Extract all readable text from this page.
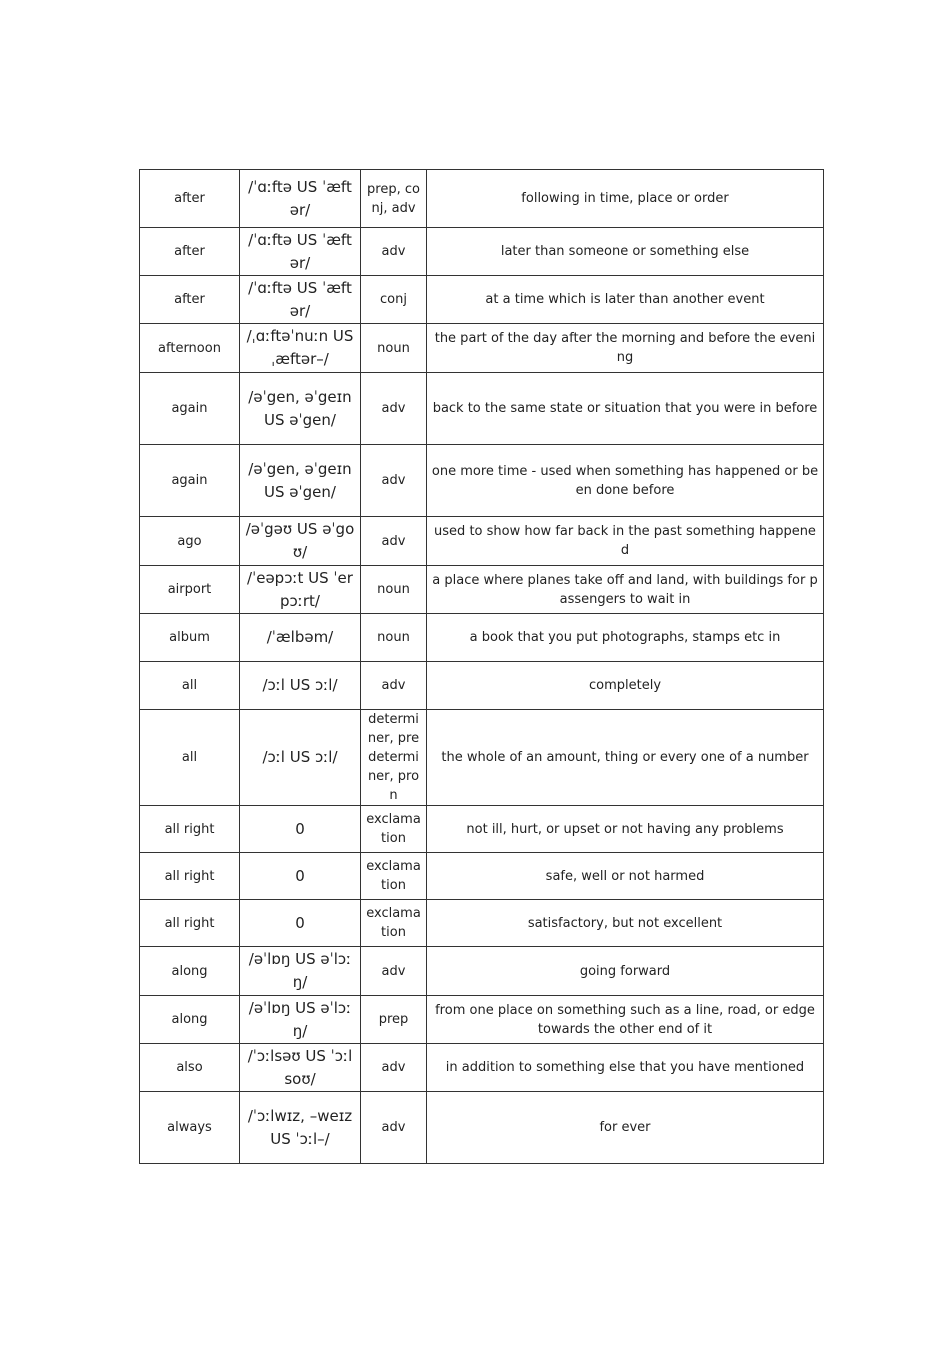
after	/ˈɑːftə US ˈæftər/	prep, conj, adv	following in time, place or order
after	/ˈɑːftə US ˈæftər/	adv	later than someone or something else
after	/ˈɑːftə US ˈæftər/	conj	at a time which is later than another event
afternoon	/ˌɑːftəˈnuːn US ˌæftər–/	noun	the part of the day after the morning and before the evening
again	/əˈgen, əˈgeɪn US əˈgen/	adv	back to the same state or situation that you were in before
again	/əˈgen, əˈgeɪn US əˈgen/	adv	one more time - used when something has happened or been done before
ago	/əˈgəʊ US əˈgoʊ/	adv	used to show how far back in the past something happened
airport	/ˈeəpɔːt US ˈerpɔːrt/	noun	a place where planes take off and land, with buildings for passengers to wait in
album	/ˈælbəm/	noun	a book that you put photographs, stamps etc in
all	/ɔːl US ɔːl/	adv	completely
all	/ɔːl US ɔːl/	determiner, predeterminer, pron	the whole of an amount, thing or every one of a number
all right	0	exclamation	not ill, hurt, or upset or not having any problems
all right	0	exclamation	safe, well or not harmed
all right	0	exclamation	satisfactory, but not excellent
along	/əˈlɒŋ US əˈlɔːŋ/	adv	going forward
along	/əˈlɒŋ US əˈlɔːŋ/	prep	from one place on something such as a line, road, or edge towards the other end of it
also	/ˈɔːlsəʊ US ˈɔːlsoʊ/	adv	in addition to something else that you have mentioned
always	/ˈɔːlwɪz, –weɪz US ˈɔːl–/	adv	for ever
